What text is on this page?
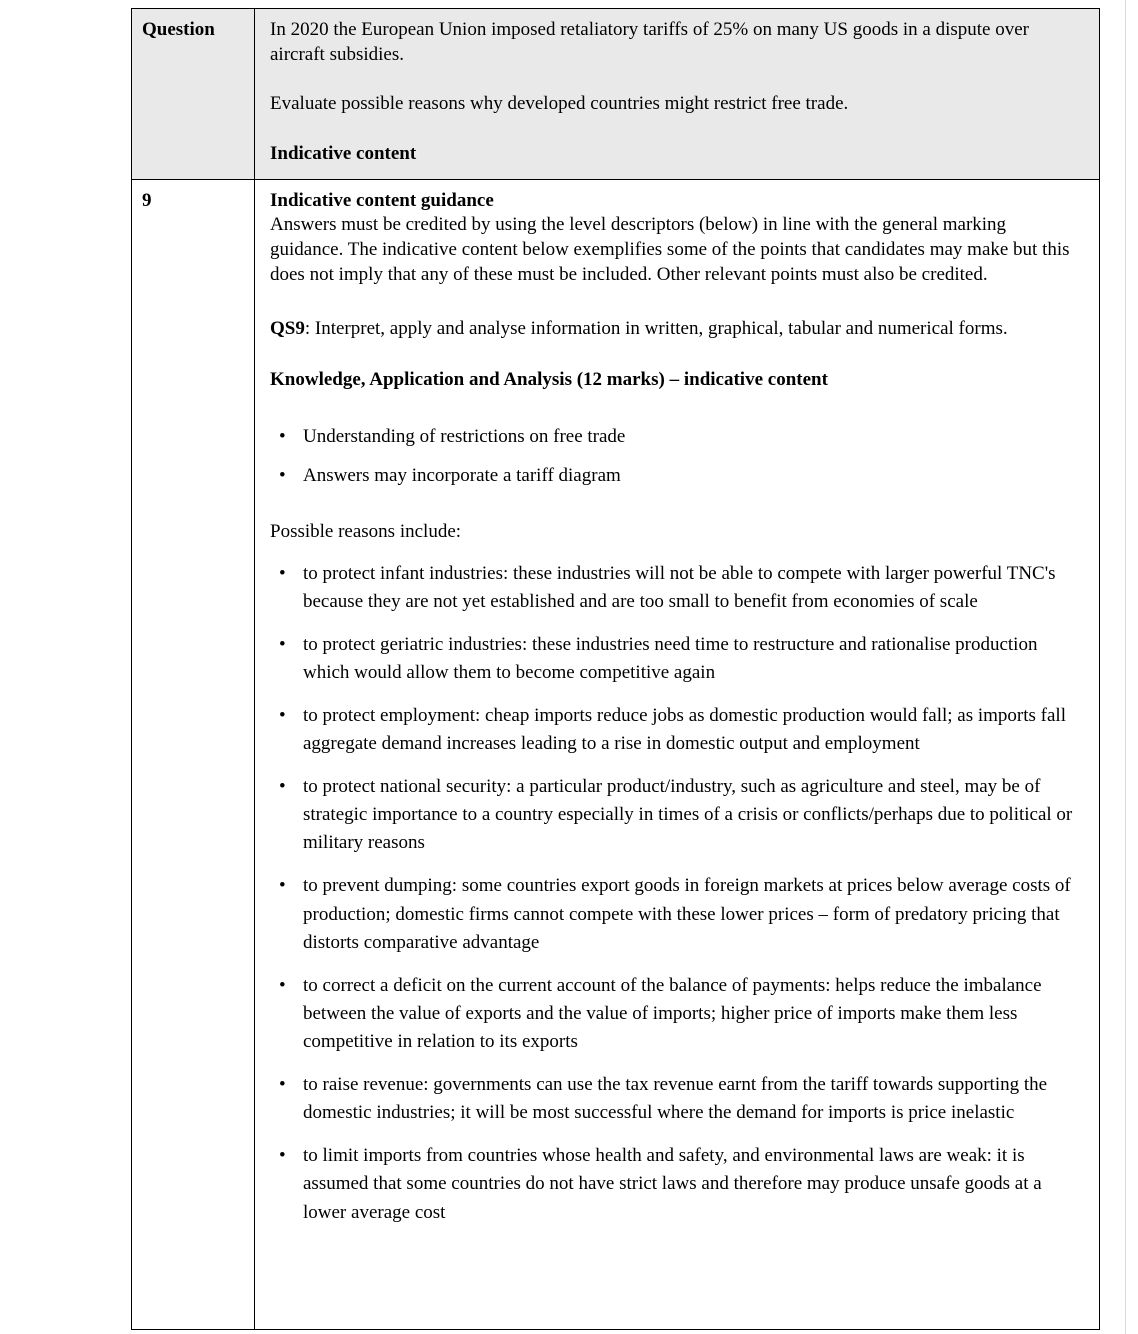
Question	In 2020 the European Union imposed retaliatory tariffs of 25% on many US goods in a dispute over aircraft subsidies.

Evaluate possible reasons why developed countries might restrict free trade.

Indicative content

9	Indicative content guidance

Answers must be credited by using the level descriptors (below) in line with the general marking guidance. The indicative content below exemplifies some of the points that candidates may make but this does not imply that any of these must be included. Other relevant points must also be credited.

QS9: Interpret, apply and analyse information in written, graphical, tabular and numerical forms.

Knowledge, Application and Analysis (12 marks) – indicative content

• Understanding of restrictions on free trade
• Answers may incorporate a tariff diagram

Possible reasons include:

• to protect infant industries: these industries will not be able to compete with larger powerful TNC's because they are not yet established and are too small to benefit from economies of scale
• to protect geriatric industries: these industries need time to restructure and rationalise production which would allow them to become competitive again
• to protect employment: cheap imports reduce jobs as domestic production would fall; as imports fall aggregate demand increases leading to a rise in domestic output and employment
• to protect national security: a particular product/industry, such as agriculture and steel, may be of strategic importance to a country especially in times of a crisis or conflicts/perhaps due to political or military reasons
• to prevent dumping: some countries export goods in foreign markets at prices below average costs of production; domestic firms cannot compete with these lower prices – form of predatory pricing that distorts comparative advantage
• to correct a deficit on the current account of the balance of payments: helps reduce the imbalance between the value of exports and the value of imports; higher price of imports make them less competitive in relation to its exports
• to raise revenue: governments can use the tax revenue earnt from the tariff towards supporting the domestic industries; it will be most successful where the demand for imports is price inelastic
• to limit imports from countries whose health and safety, and environmental laws are weak: it is assumed that some countries do not have strict laws and therefore may produce unsafe goods at a lower average cost
